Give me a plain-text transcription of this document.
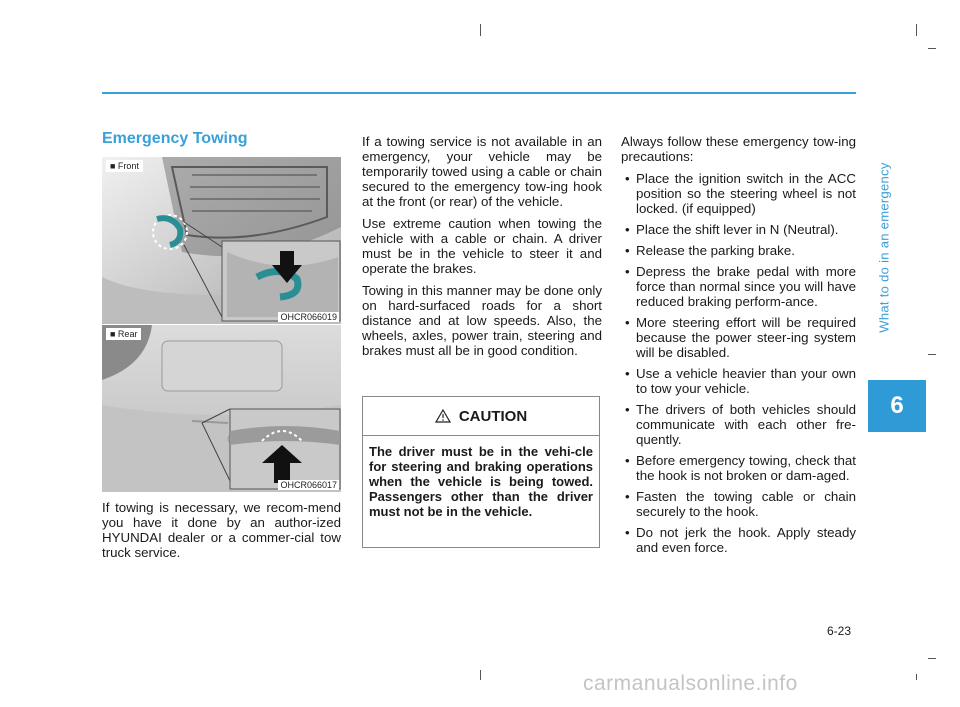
What to do in an emergency
6
Emergency Towing
■ Front
OHCR066019
■ Rear
OHCR066017

If towing is necessary, we recom-mend you have it done by an author-ized HYUNDAI dealer or a commer-cial tow truck service.

If a towing service is not available in an emergency, your vehicle may be temporarily towed using a cable or chain secured to the emergency tow-ing hook at the front (or rear) of the vehicle.

Use extreme caution when towing the vehicle with a cable or chain. A driver must be in the vehicle to steer it and operate the brakes.

Towing in this manner may be done only on hard-surfaced roads for a short distance and at low speeds. Also, the wheels, axles, power train, steering and brakes must all be in good condition.

CAUTION
The driver must be in the vehi-cle for steering and braking operations when the vehicle is being towed. Passengers other than the driver must not be in the vehicle.

Always follow these emergency tow-ing precautions:

• Place the ignition switch in the ACC position so the steering wheel is not locked. (if equipped)
• Place the shift lever in N (Neutral).
• Release the parking brake.
• Depress the brake pedal with more force than normal since you will have reduced braking perform-ance.
• More steering effort will be required because the power steer-ing system will be disabled.
• Use a vehicle heavier than your own to tow your vehicle.
• The drivers of both vehicles should communicate with each other fre-quently.
• Before emergency towing, check that the hook is not broken or dam-aged.
• Fasten the towing cable or chain securely to the hook.
• Do not jerk the hook. Apply steady and even force.
6-23
carmanualsonline.info
